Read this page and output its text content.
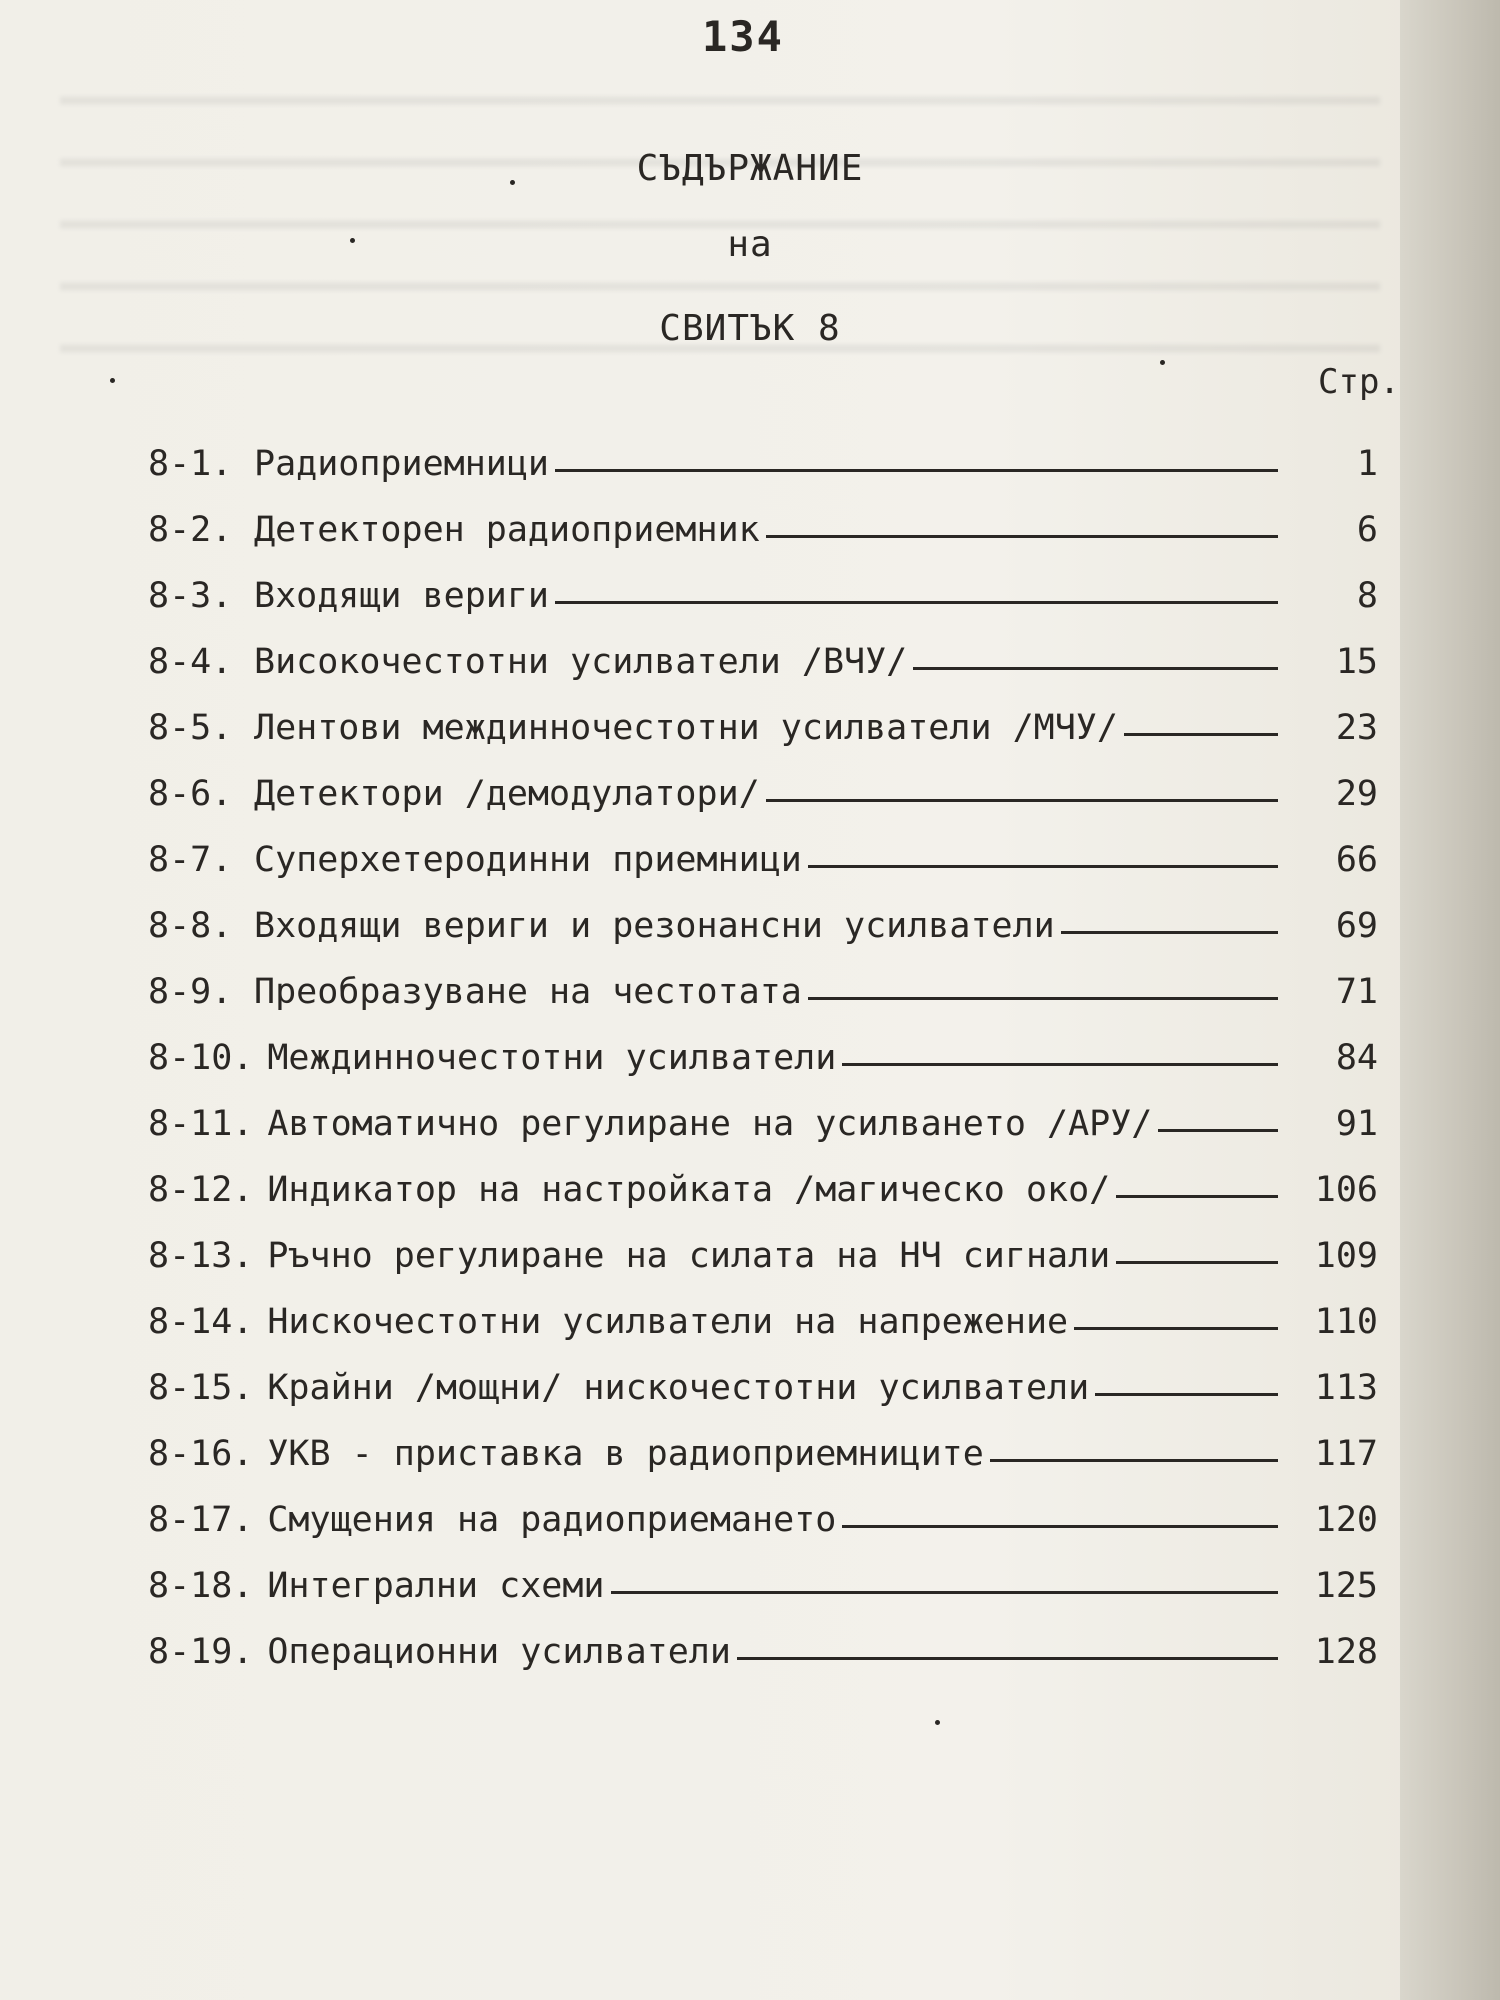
134
СЪДЪРЖАНИЕ
на
СВИТЪК 8
Стр.
8-1. Радиоприемници	1
8-2. Детекторен радиоприемник	6
8-3. Входящи вериги	8
8-4. Високочестотни усилватели /ВЧУ/	15
8-5. Лентови междинночестотни усилватели /МЧУ/	23
8-6. Детектори /демодулатори/	29
8-7. Суперхетеродинни приемници	66
8-8. Входящи вериги и резонансни усилватели	69
8-9. Преобразуване на честотата	71
8-10. Междинночестотни усилватели	84
8-11. Автоматично регулиране на усилването /АРУ/	91
8-12. Индикатор на настройката /магическо око/	106
8-13. Ръчно регулиране на силата на НЧ сигнали	109
8-14. Нискочестотни усилватели на напрежение	110
8-15. Крайни /мощни/ нискочестотни усилватели	113
8-16. УКВ - приставка в радиоприемниците	117
8-17. Смущения на радиоприемането	120
8-18. Интегрални схеми	125
8-19. Операционни усилватели	128
